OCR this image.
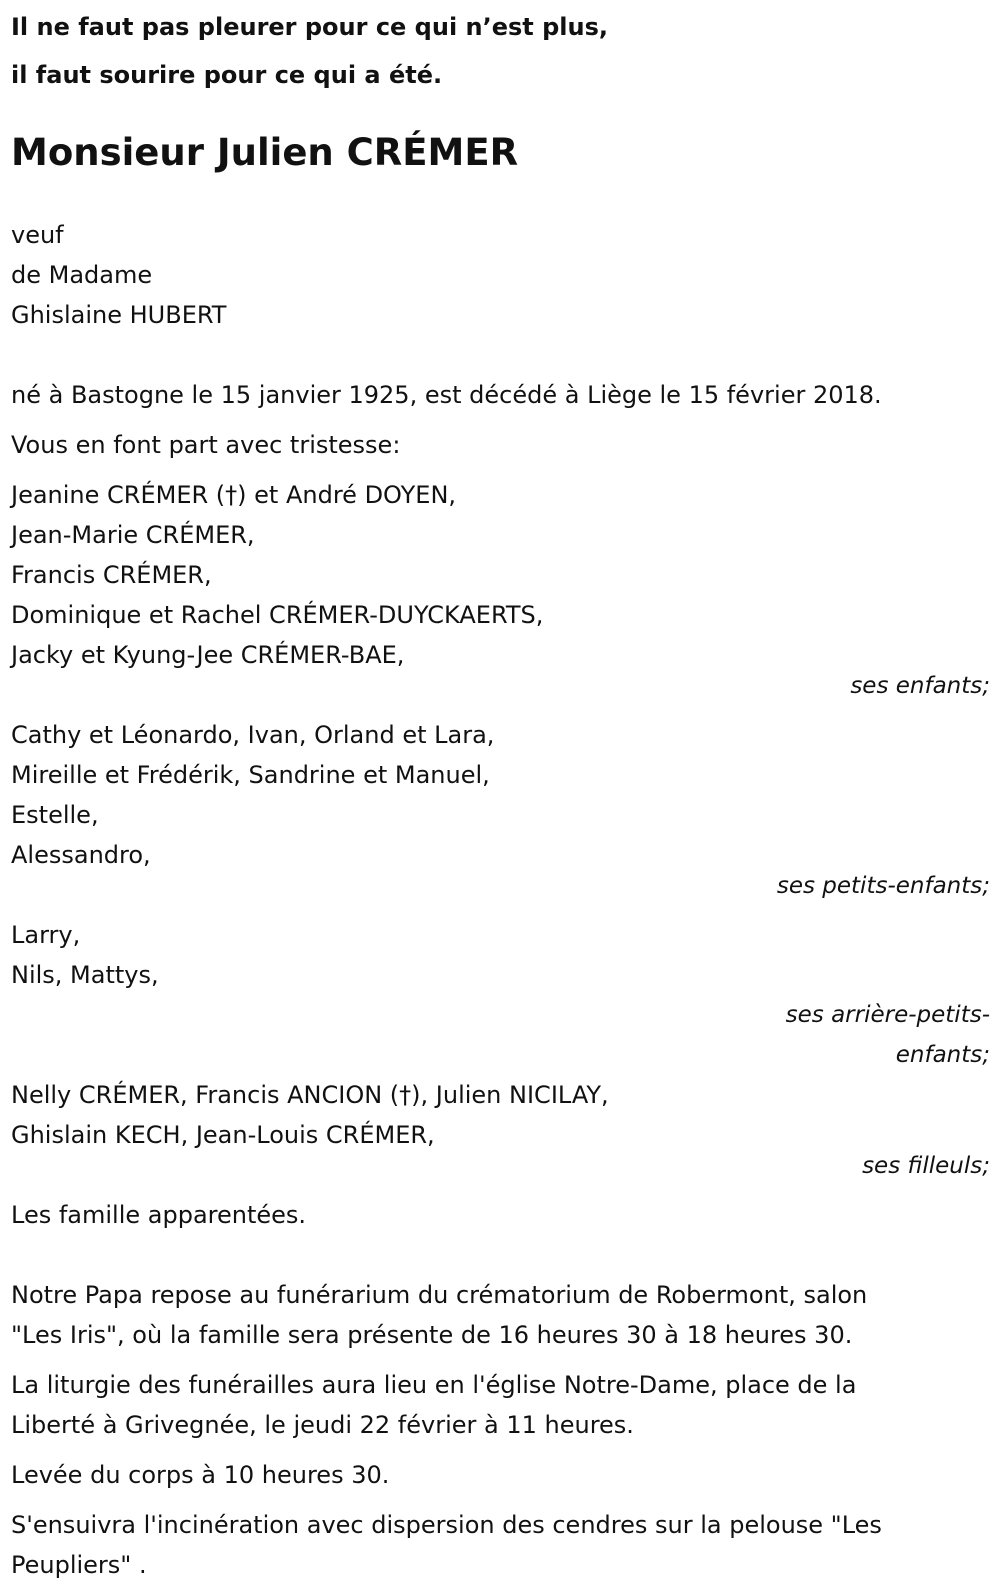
Il ne faut pas pleurer pour ce qui n’est plus,
il faut sourire pour ce qui a été.
Monsieur Julien CRÉMER
veuf
de Madame
Ghislaine HUBERT
né à Bastogne le 15 janvier 1925, est décédé à Liège le 15 février 2018.
Vous en font part avec tristesse:
Jeanine CRÉMER (†) et André DOYEN,
Jean-Marie CRÉMER,
Francis CRÉMER,
Dominique et Rachel CRÉMER-DUYCKAERTS,
Jacky et Kyung-Jee CRÉMER-BAE,
ses enfants;
Cathy et Léonardo, Ivan, Orland et Lara,
Mireille et Frédérik, Sandrine et Manuel,
Estelle,
Alessandro,
ses petits-enfants;
Larry,
Nils, Mattys,
ses arrière-petits-
enfants;
Nelly CRÉMER, Francis ANCION (†), Julien NICILAY,
Ghislain KECH, Jean-Louis CRÉMER,
ses filleuls;
Les famille apparentées.
Notre Papa repose au funérarium du crématorium de Robermont, salon
"Les Iris", où la famille sera présente de 16 heures 30 à 18 heures 30.
La liturgie des funérailles aura lieu en l'église Notre-Dame, place de la
Liberté à Grivegnée, le jeudi 22 février à 11 heures.
Levée du corps à 10 heures 30.
S'ensuivra l'incinération avec dispersion des cendres sur la pelouse "Les
Peupliers" .
